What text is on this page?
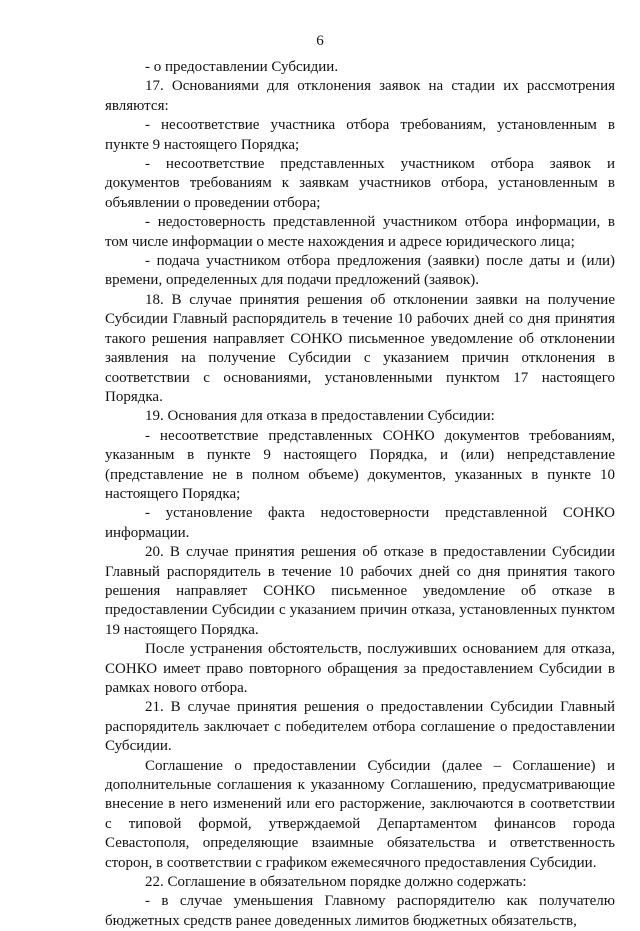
6

- о предоставлении Субсидии.

17. Основаниями для отклонения заявок на стадии их рассмотрения являются:

- несоответствие участника отбора требованиям, установленным в пункте 9 настоящего Порядка;

- несоответствие представленных участником отбора заявок и документов требованиям к заявкам участников отбора, установленным в объявлении о проведении отбора;

- недостоверность представленной участником отбора информации, в том числе информации о месте нахождения и адресе юридического лица;

- подача участником отбора предложения (заявки) после даты и (или) времени, определенных для подачи предложений (заявок).

18. В случае принятия решения об отклонении заявки на получение Субсидии Главный распорядитель в течение 10 рабочих дней со дня принятия такого решения направляет СОНКО письменное уведомление об отклонении заявления на получение Субсидии с указанием причин отклонения в соответствии с основаниями, установленными пунктом 17 настоящего Порядка.

19. Основания для отказа в предоставлении Субсидии:

- несоответствие представленных СОНКО документов требованиям, указанным в пункте 9 настоящего Порядка, и (или) непредставление (представление не в полном объеме) документов, указанных в пункте 10 настоящего Порядка;

- установление факта недостоверности представленной СОНКО информации.

20. В случае принятия решения об отказе в предоставлении Субсидии Главный распорядитель в течение 10 рабочих дней со дня принятия такого решения направляет СОНКО письменное уведомление об отказе в предоставлении Субсидии с указанием причин отказа, установленных пунктом 19 настоящего Порядка.

После устранения обстоятельств, послуживших основанием для отказа, СОНКО имеет право повторного обращения за предоставлением Субсидии в рамках нового отбора.

21. В случае принятия решения о предоставлении Субсидии Главный распорядитель заключает с победителем отбора соглашение о предоставлении Субсидии.

Соглашение о предоставлении Субсидии (далее – Соглашение) и дополнительные соглашения к указанному Соглашению, предусматривающие внесение в него изменений или его расторжение, заключаются в соответствии с типовой формой, утверждаемой Департаментом финансов города Севастополя, определяющие взаимные обязательства и ответственность сторон, в соответствии с графиком ежемесячного предоставления Субсидии.

22. Соглашение в обязательном порядке должно содержать:

- в случае уменьшения Главному распорядителю как получателю бюджетных средств ранее доведенных лимитов бюджетных обязательств,
